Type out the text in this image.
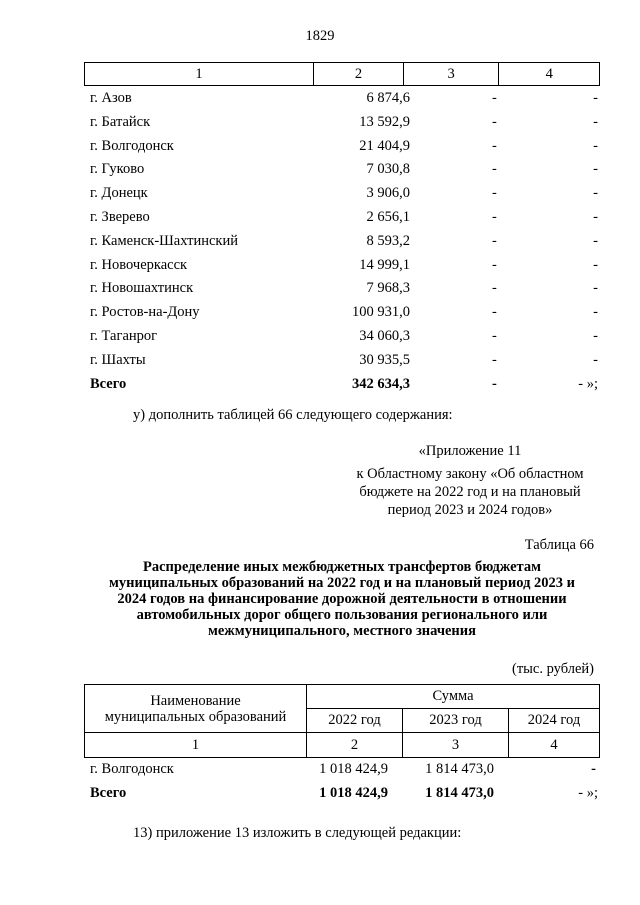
1829
1	2	3	4
г. Азов	6 874,6	-	-
г. Батайск	13 592,9	-	-
г. Волгодонск	21 404,9	-	-
г. Гуково	7 030,8	-	-
г. Донецк	3 906,0	-	-
г. Зверево	2 656,1	-	-
г. Каменск-Шахтинский	8 593,2	-	-
г. Новочеркасск	14 999,1	-	-
г. Новошахтинск	7 968,3	-	-
г. Ростов-на-Дону	100 931,0	-	-
г. Таганрог	34 060,3	-	-
г. Шахты	30 935,5	-	-
Всего	342 634,3	-	- »;
у) дополнить таблицей 66 следующего содержания:
«Приложение 11
к Областному закону «Об областном
бюджете на 2022 год и на плановый
период 2023 и 2024 годов»
Таблица 66
Распределение иных межбюджетных трансфертов бюджетам
муниципальных образований на 2022 год и на плановый период 2023 и
2024 годов на финансирование дорожной деятельности в отношении
автомобильных дорог общего пользования регионального или
межмуниципального, местного значения
(тыс. рублей)
Наименование
муниципальных образований
Сумма
2022 год	2023 год	2024 год
1	2	3	4
г. Волгодонск	1 018 424,9	1 814 473,0	-
Всего	1 018 424,9	1 814 473,0	- »;
13) приложение 13 изложить в следующей редакции:
